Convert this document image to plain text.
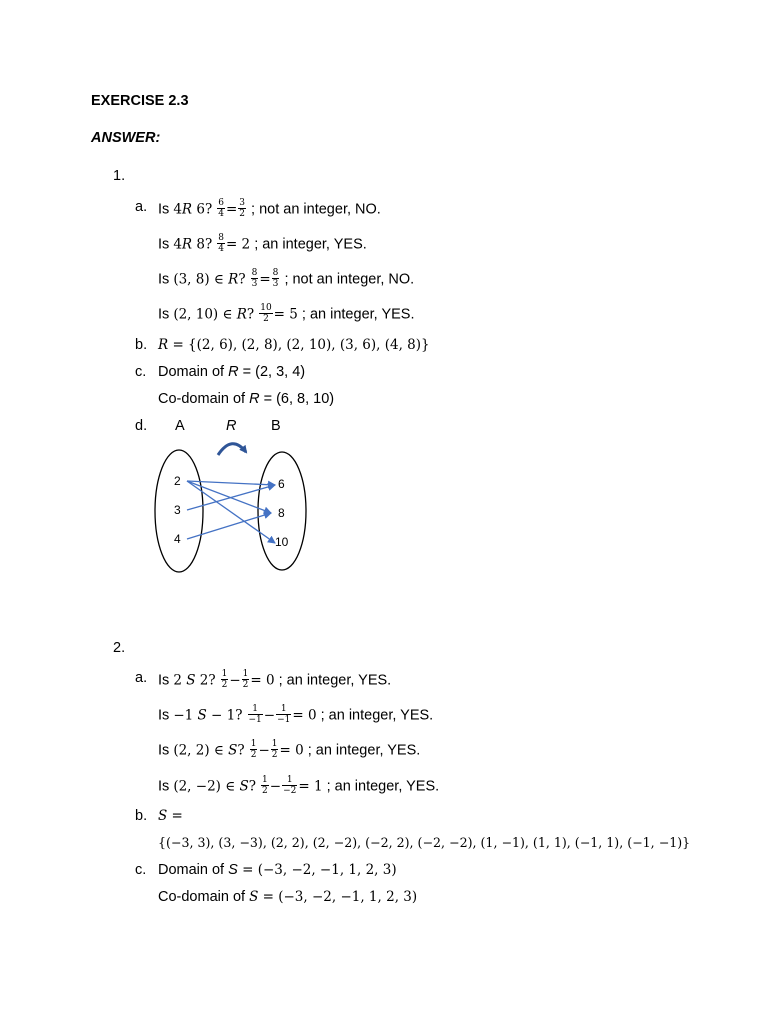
EXERCISE 2.3
ANSWER:
1.
a. Is 4𝑅 6? $\frac{6}{4} = \frac{3}{2}$ ; not an integer, NO.
Is 4𝑅 8? $\frac{8}{4} = 2$ ; an integer, YES.
Is (3, 8) ∈ 𝑅? $\frac{8}{3} = \frac{8}{3}$ ; not an integer, NO.
Is (2, 10) ∈ 𝑅? $\frac{10}{2} = 5$ ; an integer, YES.
b. 𝑅 = {(2, 6), (2, 8), (2, 10), (3, 6), (4, 8)}
c. Domain of R = (2, 3, 4)
Co-domain of R = (6, 8, 10)
d. A	R B
2
3
4
6
8
10
2.
a. Is 2 𝑆 2? $\frac{1}{2} - \frac{1}{2} = 0$ ; an integer, YES.
Is −1 𝑆 − 1? $\frac{1}{-1} - \frac{1}{-1} = 0$ ; an integer, YES.
Is (2, 2) ∈ 𝑆? $\frac{1}{2} - \frac{1}{2} = 0$ ; an integer, YES.
Is (2, −2) ∈ 𝑆? $\frac{1}{2} - \frac{1}{-2} = 1$ ; an integer, YES.
b. 𝑆 =
{(−3, 3), (3, −3), (2, 2), (2, −2), (−2, 2), (−2, −2), (1, −1), (1, 1), (−1, 1), (−1, −1)}
c. Domain of S = (−3, −2, −1, 1, 2, 3)
Co-domain of 𝑆 = (−3, −2, −1, 1, 2, 3)
